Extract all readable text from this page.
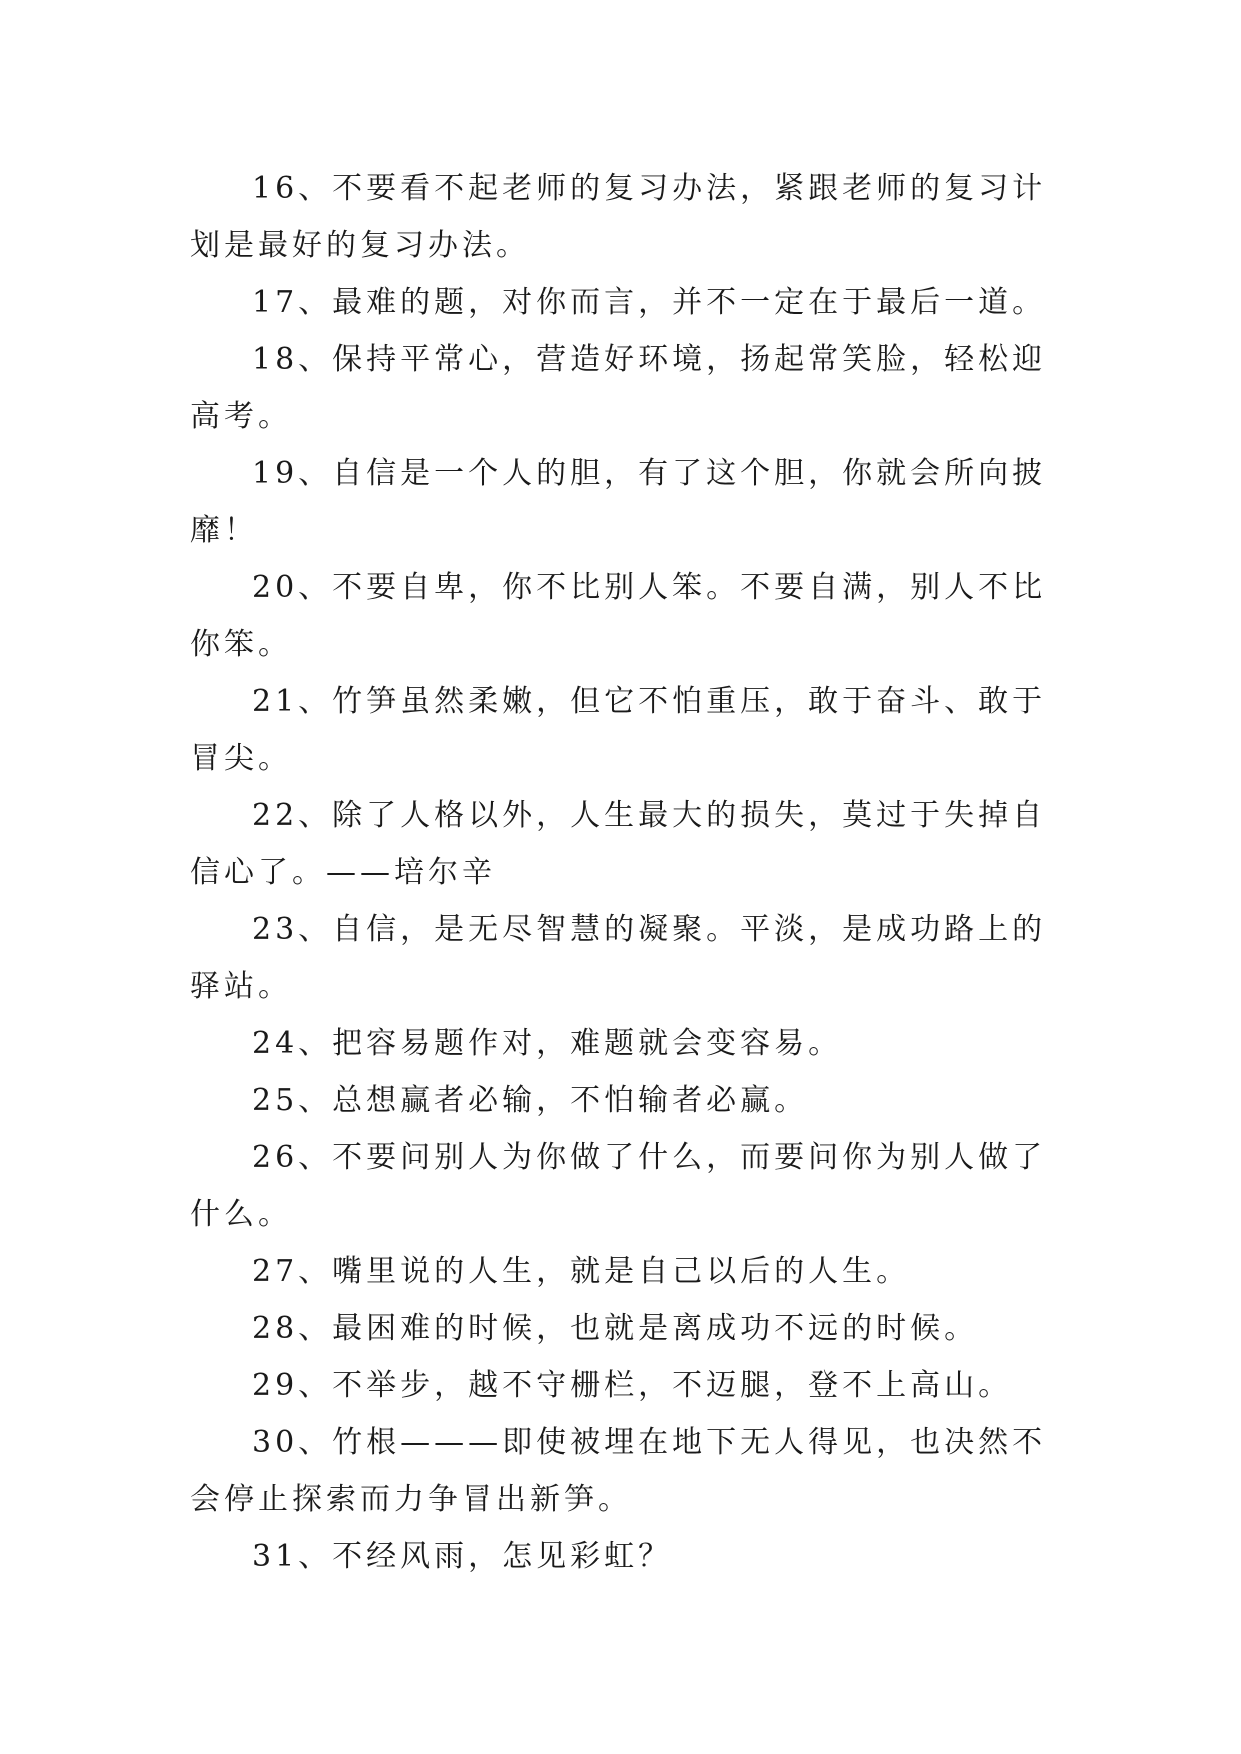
16、不要看不起老师的复习办法，紧跟老师的复习计划是最好的复习办法。

17、最难的题，对你而言，并不一定在于最后一道。

18、保持平常心，营造好环境，扬起常笑脸，轻松迎高考。

19、自信是一个人的胆，有了这个胆，你就会所向披靡！

20、不要自卑，你不比别人笨。不要自满，别人不比你笨。

21、竹笋虽然柔嫩，但它不怕重压，敢于奋斗、敢于冒尖。

22、除了人格以外，人生最大的损失，莫过于失掉自信心了。——培尔辛

23、自信，是无尽智慧的凝聚。平淡，是成功路上的驿站。

24、把容易题作对，难题就会变容易。

25、总想赢者必输，不怕输者必赢。

26、不要问别人为你做了什么，而要问你为别人做了什么。

27、嘴里说的人生，就是自己以后的人生。

28、最困难的时候，也就是离成功不远的时候。

29、不举步，越不守栅栏，不迈腿，登不上高山。

30、竹根———即使被埋在地下无人得见，也决然不会停止探索而力争冒出新笋。

31、不经风雨，怎见彩虹？
